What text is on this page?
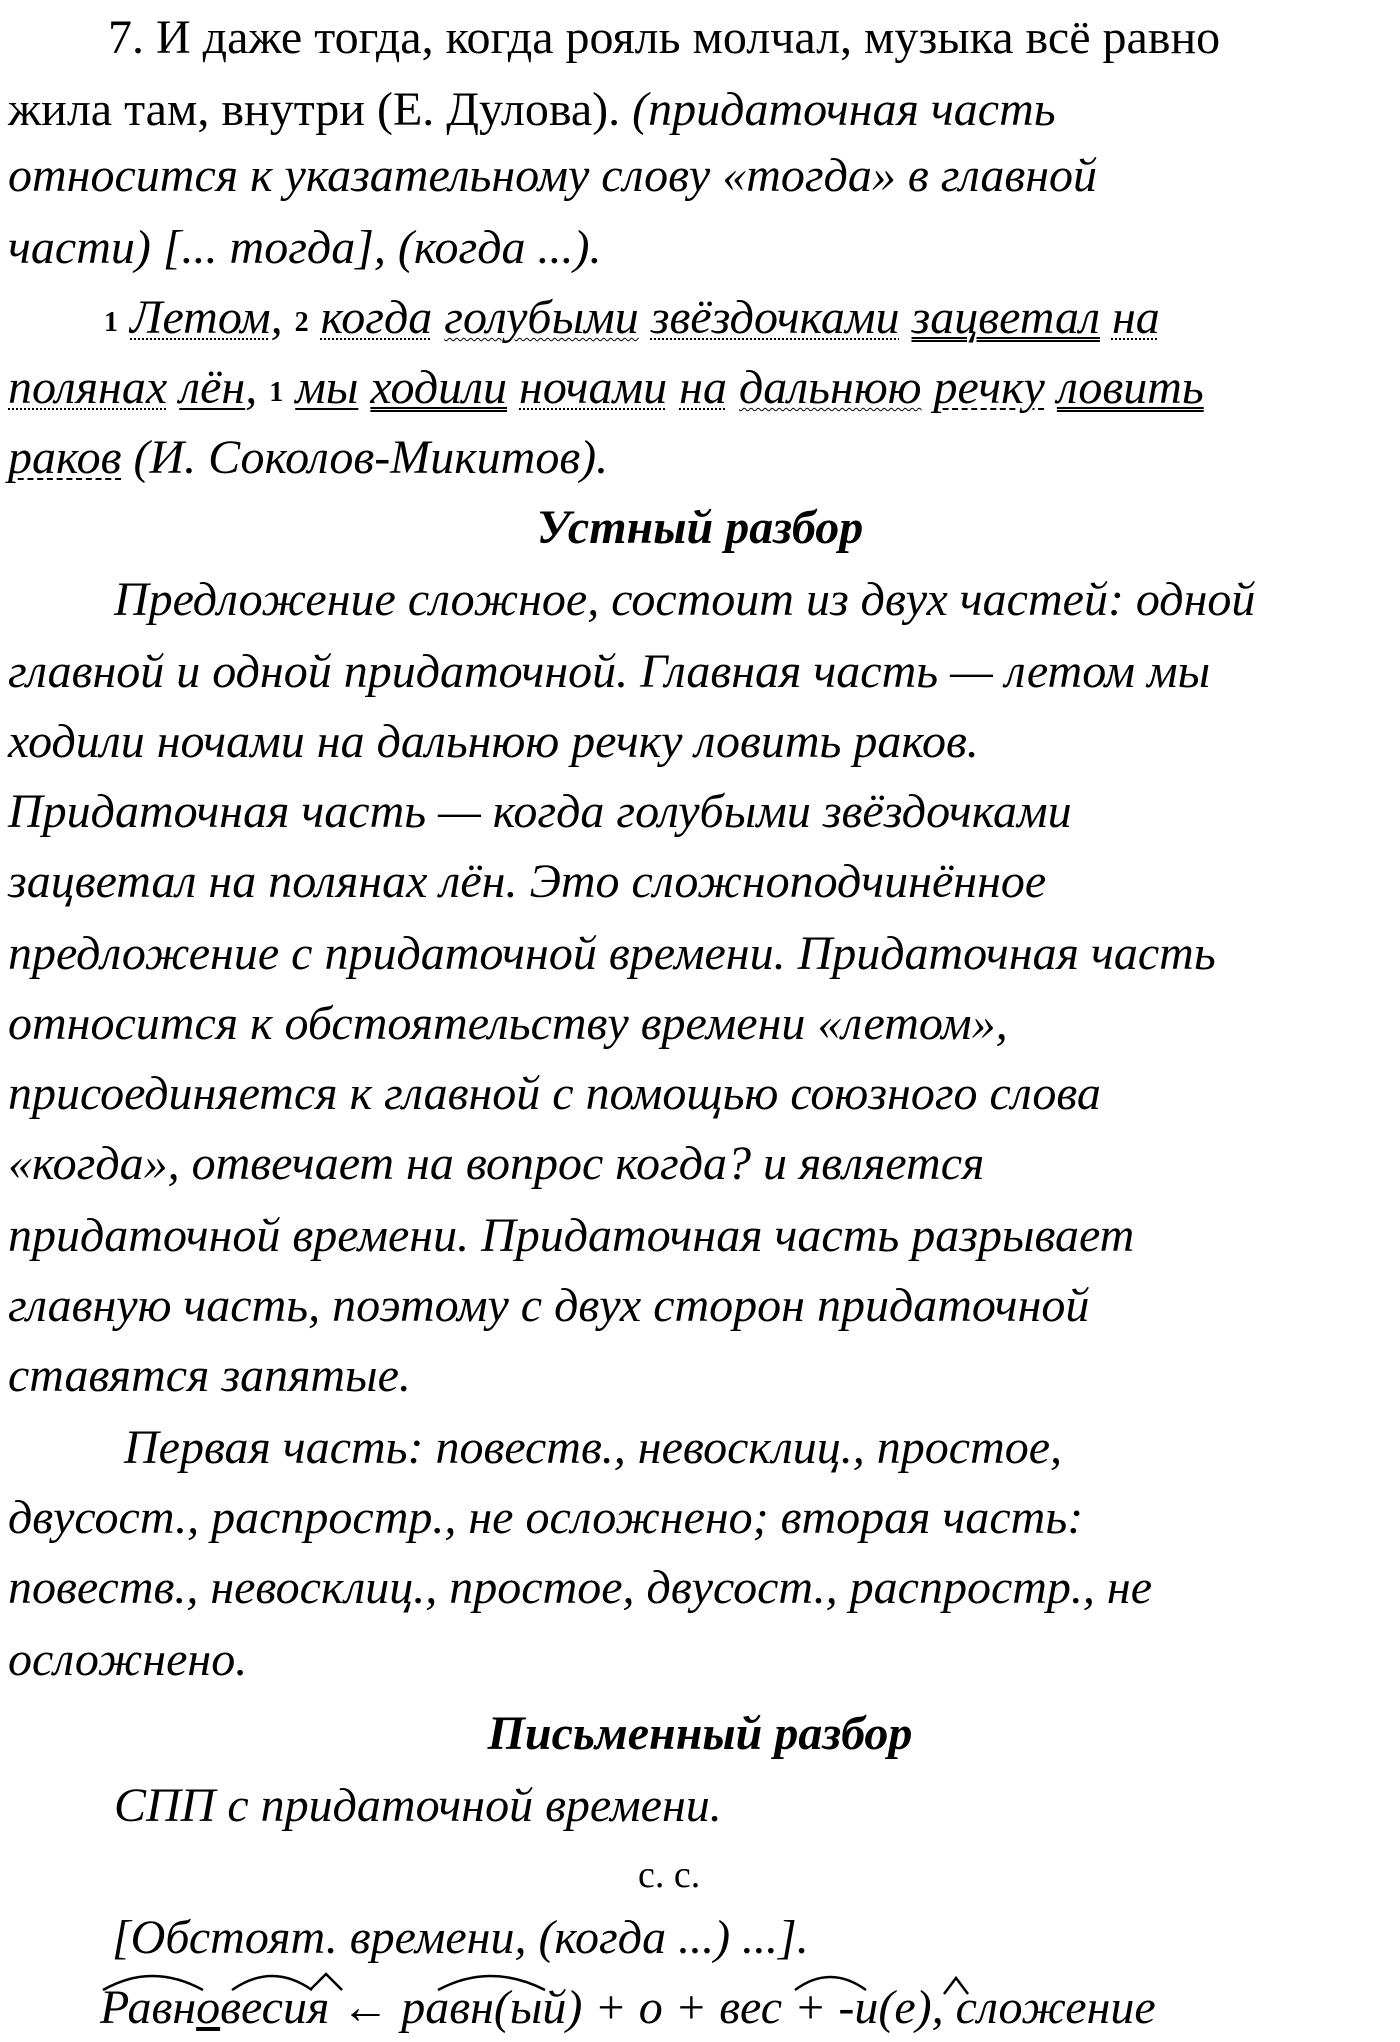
7. И даже тогда, когда рояль молчал, музыка всё равно
жила там, внутри (Е. Дулова). (придаточная часть
относится к указательному слову «тогда» в главной
части) [... тогда], (когда ...).
1 Летом, 2 когда голубыми звёздочками зацветал на
полянах лён, 1 мы ходили ночами на дальнюю речку ловить
раков (И. Соколов-Микитов).
Устный разбор
Предложение сложное, состоит из двух частей: одной
главной и одной придаточной. Главная часть — летом мы
ходили ночами на дальнюю речку ловить раков.
Придаточная часть — когда голубыми звёздочками
зацветал на полянах лён. Это сложноподчинённое
предложение с придаточной времени. Придаточная часть
относится к обстоятельству времени «летом»,
присоединяется к главной с помощью союзного слова
«когда», отвечает на вопрос когда? и является
придаточной времени. Придаточная часть разрывает
главную часть, поэтому с двух сторон придаточной
ставятся запятые.
Первая часть: повеств., невосклиц., простое,
двусост., распростр., не осложнено; вторая часть:
повеств., невосклиц., простое, двусост., распростр., не
осложнено.
Письменный разбор
СПП с придаточной времени.
с. с.
[Обстоят. времени, (когда ...) ...].
Равновесия ← равн(ый) + о + вес + -и(е), сложение
